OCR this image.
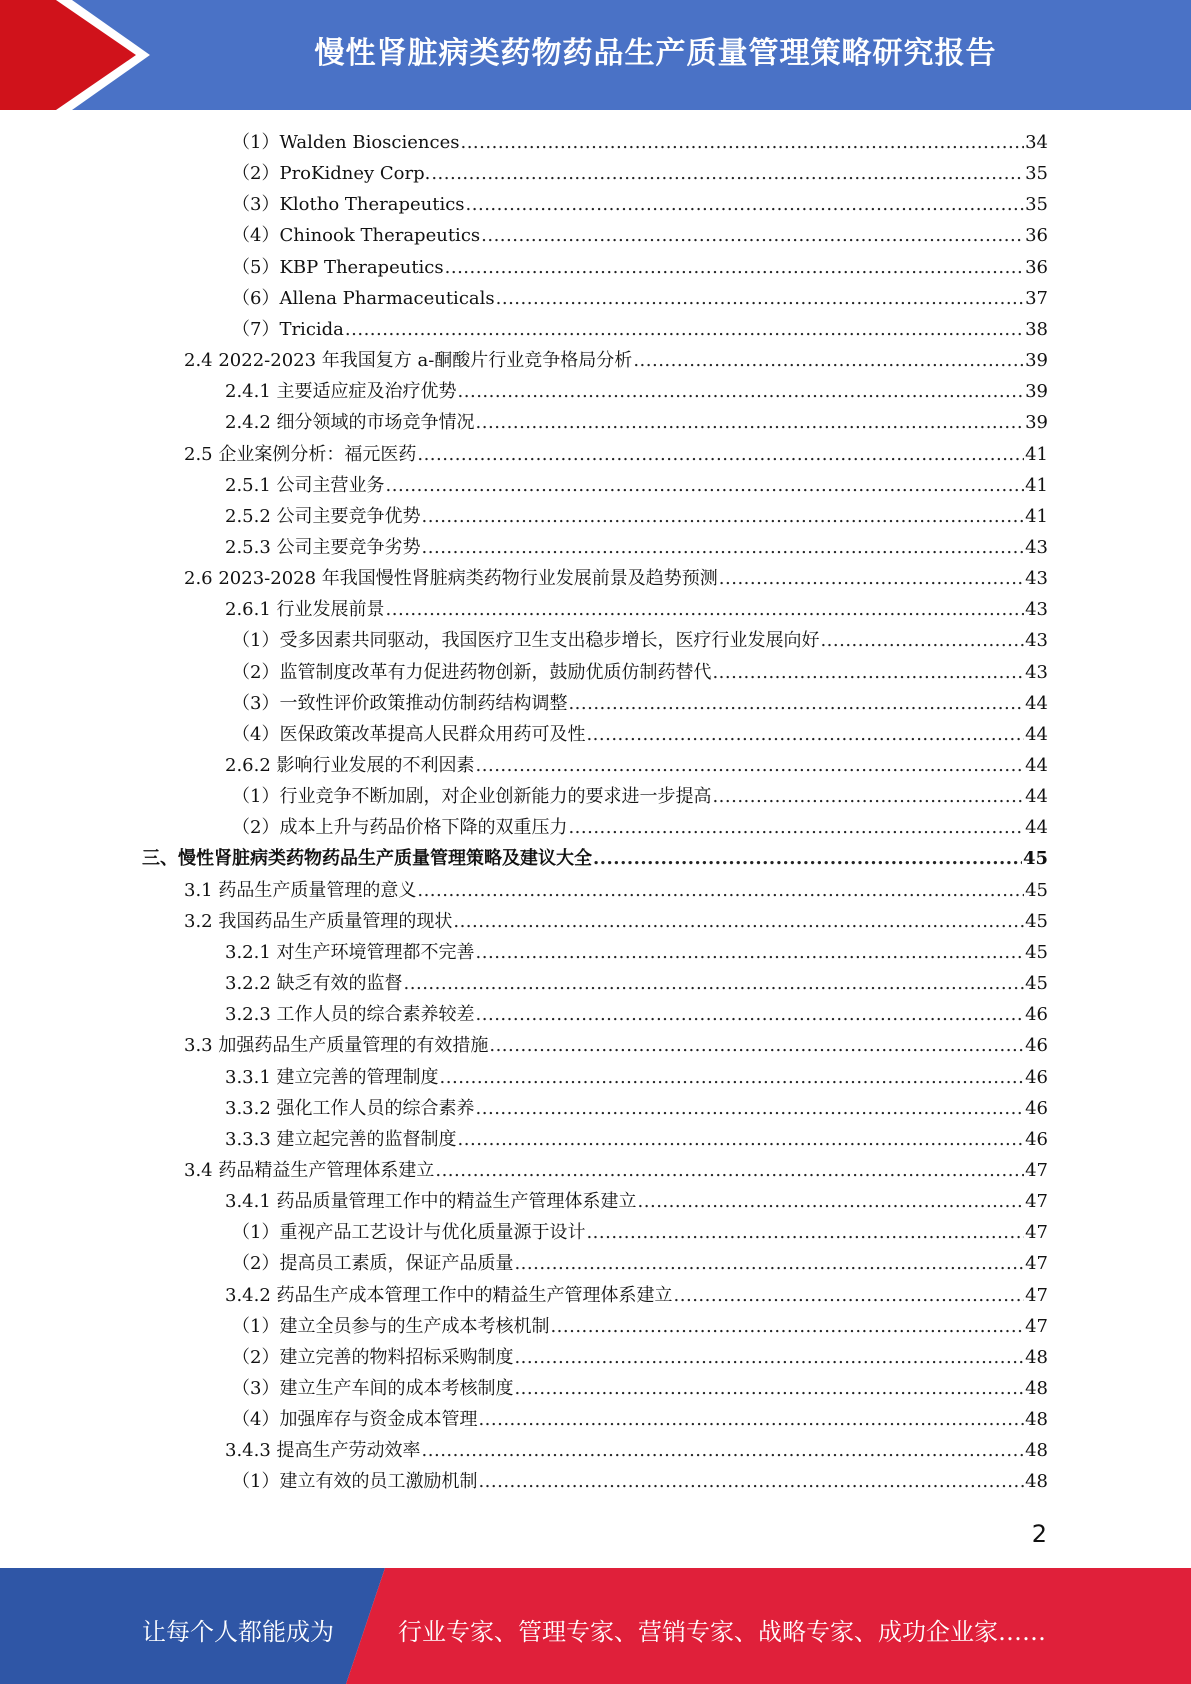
慢性肾脏病类药物药品生产质量管理策略研究报告
（1）Walden Biosciences .....	34
（2）ProKidney Corp. .....	35
（3）Klotho Therapeutics .....	35
（4）Chinook Therapeutics .....	36
（5）KBP Therapeutics .....	36
（6）Allena Pharmaceuticals .....	37
（7）Tricida .....	38
2.4 2022-2023 年我国复方 a-酮酸片行业竞争格局分析 .....	39
2.4.1 主要适应症及治疗优势 .....	39
2.4.2 细分领域的市场竞争情况 .....	39
2.5 企业案例分析：福元医药 .....	41
2.5.1 公司主营业务 .....	41
2.5.2 公司主要竞争优势 .....	41
2.5.3 公司主要竞争劣势 .....	43
2.6 2023-2028 年我国慢性肾脏病类药物行业发展前景及趋势预测 .....	43
2.6.1 行业发展前景 .....	43
（1）受多因素共同驱动，我国医疗卫生支出稳步增长，医疗行业发展向好 .....	43
（2）监管制度改革有力促进药物创新，鼓励优质仿制药替代 .....	43
（3）一致性评价政策推动仿制药结构调整 .....	44
（4）医保政策改革提高人民群众用药可及性 .....	44
2.6.2 影响行业发展的不利因素 .....	44
（1）行业竞争不断加剧，对企业创新能力的要求进一步提高 .....	44
（2）成本上升与药品价格下降的双重压力 .....	44
三、慢性肾脏病类药物药品生产质量管理策略及建议大全 .....	45
3.1 药品生产质量管理的意义 .....	45
3.2 我国药品生产质量管理的现状 .....	45
3.2.1 对生产环境管理都不完善 .....	45
3.2.2 缺乏有效的监督 .....	45
3.2.3 工作人员的综合素养较差 .....	46
3.3 加强药品生产质量管理的有效措施 .....	46
3.3.1 建立完善的管理制度 .....	46
3.3.2 强化工作人员的综合素养 .....	46
3.3.3 建立起完善的监督制度 .....	46
3.4 药品精益生产管理体系建立 .....	47
3.4.1 药品质量管理工作中的精益生产管理体系建立 .....	47
（1）重视产品工艺设计与优化质量源于设计 .....	47
（2）提高员工素质，保证产品质量 .....	47
3.4.2 药品生产成本管理工作中的精益生产管理体系建立 .....	47
（1）建立全员参与的生产成本考核机制 .....	47
（2）建立完善的物料招标采购制度 .....	48
（3）建立生产车间的成本考核制度 .....	48
（4）加强库存与资金成本管理 .....	48
3.4.3 提高生产劳动效率 .....	48
（1）建立有效的员工激励机制 .....	48
2
让每个人都能成为	行业专家、管理专家、营销专家、战略专家、成功企业家……
